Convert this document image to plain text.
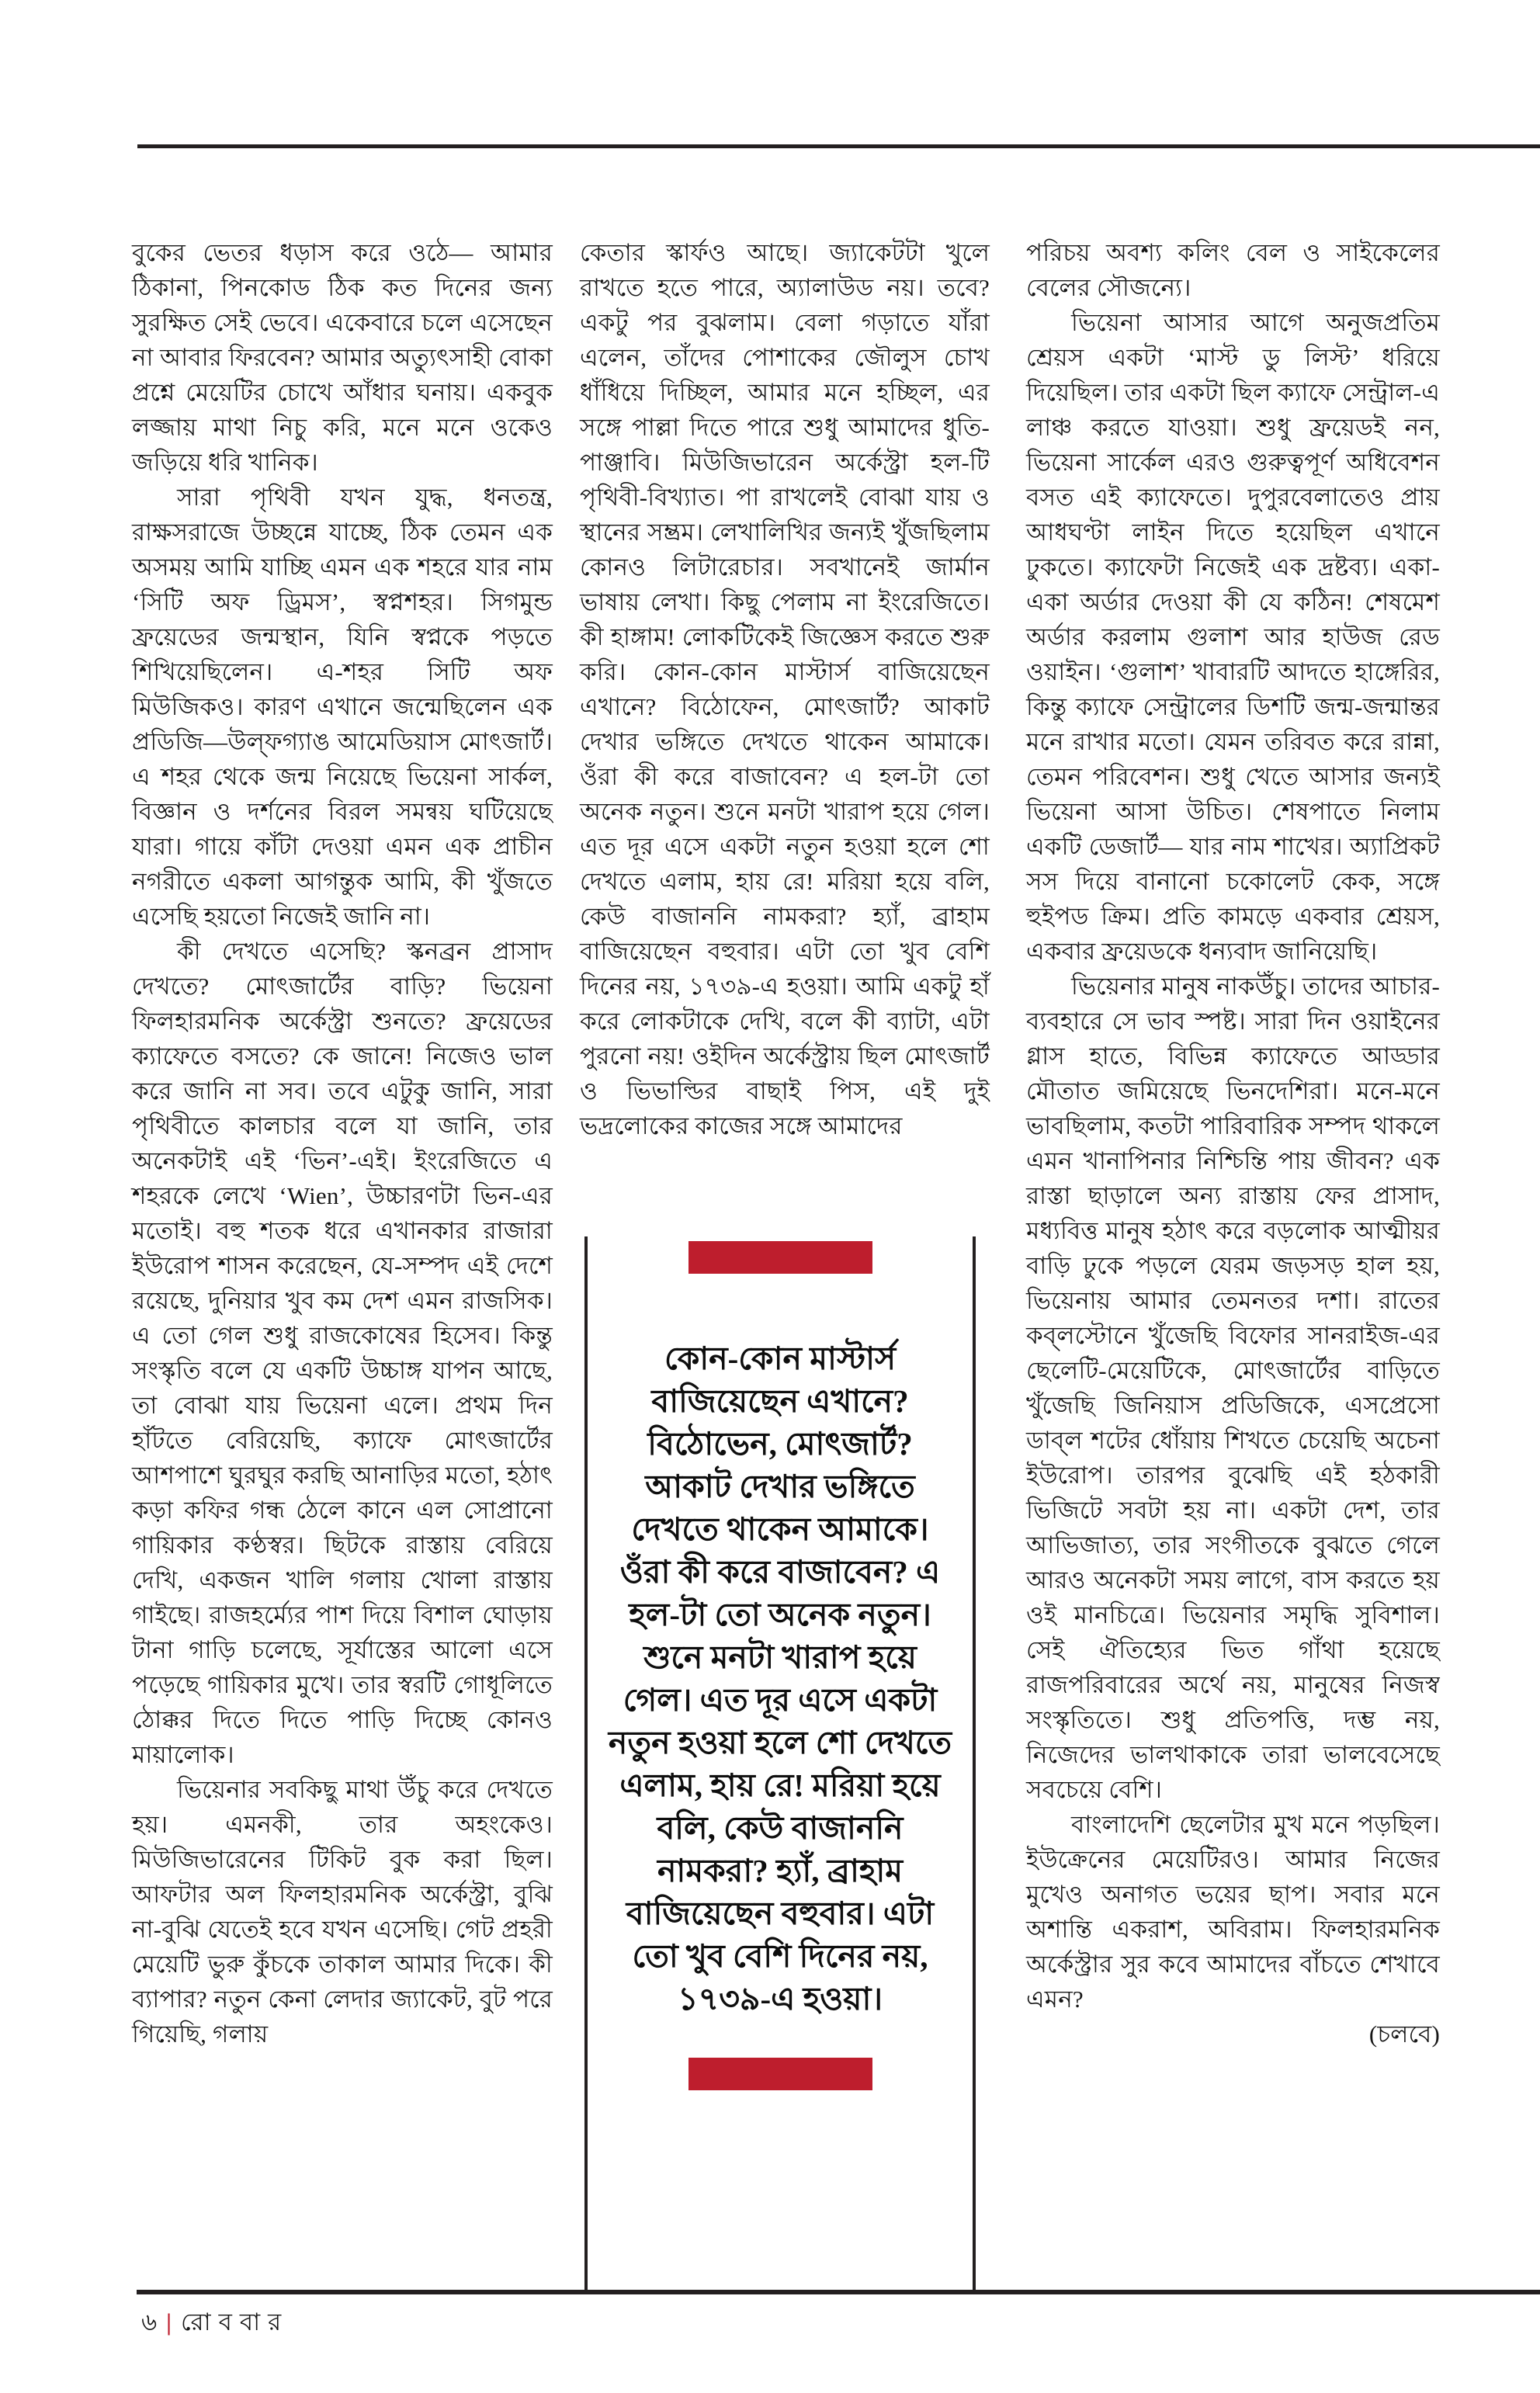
বুকের ভেতর ধড়াস করে ওঠে— আমার ঠিকানা, পিনকোড ঠিক কত দিনের জন্য সুরক্ষিত সেই ভেবে। একেবারে চলে এসেছেন না আবার ফিরবেন? আমার অত্যুৎসাহী বোকা প্রশ্নে মেয়েটির চোখে আঁধার ঘনায়। একবুক লজ্জায় মাথা নিচু করি, মনে মনে ওকেও জড়িয়ে ধরি খানিক।

সারা পৃথিবী যখন যুদ্ধ, ধনতন্ত্র, রাক্ষসরাজে উচ্ছন্নে যাচ্ছে, ঠিক তেমন এক অসময় আমি যাচ্ছি এমন এক শহরে যার নাম ‘সিটি অফ ড্রিমস’, স্বপ্নশহর। সিগমুন্ড ফ্রয়েডের জন্মস্থান, যিনি স্বপ্নকে পড়তে শিখিয়েছিলেন। এ-শহর সিটি অফ মিউজিকও। কারণ এখানে জন্মেছিলেন এক প্রডিজি—উল্‌ফগ্যাঙ আমেডিয়াস মোৎজার্ট। এ শহর থেকে জন্ম নিয়েছে ভিয়েনা সার্কল, বিজ্ঞান ও দর্শনের বিরল সমন্বয় ঘটিয়েছে যারা। গায়ে কাঁটা দেওয়া এমন এক প্রাচীন নগরীতে একলা আগন্তুক আমি, কী খুঁজতে এসেছি হয়তো নিজেই জানি না।

কী দেখতে এসেছি? স্কনব্রন প্রাসাদ দেখতে? মোৎজার্টের বাড়ি? ভিয়েনা ফিলহারমনিক অর্কেস্ট্রা শুনতে? ফ্রয়েডের ক্যাফেতে বসতে? কে জানে! নিজেও ভাল করে জানি না সব। তবে এটুকু জানি, সারা পৃথিবীতে কালচার বলে যা জানি, তার অনেকটাই এই ‘ভিন’-এই। ইংরেজিতে এ শহরকে লেখে ‘Wien’, উচ্চারণটা ভিন-এর মতোই। বহু শতক ধরে এখানকার রাজারা ইউরোপ শাসন করেছেন, যে-সম্পদ এই দেশে রয়েছে, দুনিয়ার খুব কম দেশ এমন রাজসিক। এ তো গেল শুধু রাজকোষের হিসেব। কিন্তু সংস্কৃতি বলে যে একটি উচ্চাঙ্গ যাপন আছে, তা বোঝা যায় ভিয়েনা এলে। প্রথম দিন হাঁটতে বেরিয়েছি, ক্যাফে মোৎজার্টের আশপাশে ঘুরঘুর করছি আনাড়ির মতো, হঠাৎ কড়া কফির গন্ধ ঠেলে কানে এল সোপ্রানো গায়িকার কণ্ঠস্বর। ছিটকে রাস্তায় বেরিয়ে দেখি, একজন খালি গলায় খোলা রাস্তায় গাইছে। রাজহর্ম্যের পাশ দিয়ে বিশাল ঘোড়ায় টানা গাড়ি চলেছে, সূর্যাস্তের আলো এসে পড়েছে গায়িকার মুখে। তার স্বরটি গোধূলিতে ঠোক্কর দিতে দিতে পাড়ি দিচ্ছে কোনও মায়ালোক।

ভিয়েনার সবকিছু মাথা উঁচু করে দেখতে হয়। এমনকী, তার অহংকেও। মিউজিভারেনের টিকিট বুক করা ছিল। আফটার অল ফিলহারমনিক অর্কেস্ট্রা, বুঝি না-বুঝি যেতেই হবে যখন এসেছি। গেট প্রহরী মেয়েটি ভুরু কুঁচকে তাকাল আমার দিকে। কী ব্যাপার? নতুন কেনা লেদার জ্যাকেট, বুট পরে গিয়েছি, গলায়

কেতার স্কার্ফও আছে। জ্যাকেটটা খুলে রাখতে হতে পারে, অ্যালাউড নয়। তবে? একটু পর বুঝলাম। বেলা গড়াতে যাঁরা এলেন, তাঁদের পোশাকের জৌলুস চোখ ধাঁধিয়ে দিচ্ছিল, আমার মনে হচ্ছিল, এর সঙ্গে পাল্লা দিতে পারে শুধু আমাদের ধুতি-পাঞ্জাবি। মিউজিভারেন অর্কেস্ট্রা হল-টি পৃথিবী-বিখ্যাত। পা রাখলেই বোঝা যায় ও স্থানের সম্ভ্রম। লেখালিখির জন্যই খুঁজছিলাম কোনও লিটারেচার। সবখানেই জার্মান ভাষায় লেখা। কিছু পেলাম না ইংরেজিতে। কী হাঙ্গাম! লোকটিকেই জিজ্ঞেস করতে শুরু করি। কোন-কোন মাস্টার্স বাজিয়েছেন এখানে? বিঠোফেন, মোৎজার্ট? আকাট দেখার ভঙ্গিতে দেখতে থাকেন আমাকে। ওঁরা কী করে বাজাবেন? এ হল-টা তো অনেক নতুন। শুনে মনটা খারাপ হয়ে গেল। এত দূর এসে একটা নতুন হওয়া হলে শো দেখতে এলাম, হায় রে! মরিয়া হয়ে বলি, কেউ বাজাননি নামকরা? হ্যাঁ, ব্রাহাম বাজিয়েছেন বহুবার। এটা তো খুব বেশি দিনের নয়, ১৭৩৯-এ হওয়া। আমি একটু হাঁ করে লোকটাকে দেখি, বলে কী ব্যাটা, এটা পুরনো নয়! ওইদিন অর্কেস্ট্রায় ছিল মোৎজার্ট ও ভিভাল্ডির বাছাই পিস, এই দুই ভদ্রলোকের কাজের সঙ্গে আমাদের

পরিচয় অবশ্য কলিং বেল ও সাইকেলের বেলের সৌজন্যে।

ভিয়েনা আসার আগে অনুজপ্রতিম শ্রেয়স একটা ‘মাস্ট ডু লিস্ট’ ধরিয়ে দিয়েছিল। তার একটা ছিল ক্যাফে সেন্ট্রাল-এ লাঞ্চ করতে যাওয়া। শুধু ফ্রয়েডই নন, ভিয়েনা সার্কেল এরও গুরুত্বপূর্ণ অধিবেশন বসত এই ক্যাফেতে। দুপুরবেলাতেও প্রায় আধঘণ্টা লাইন দিতে হয়েছিল এখানে ঢুকতে। ক্যাফেটা নিজেই এক দ্রষ্টব্য। একা-একা অর্ডার দেওয়া কী যে কঠিন! শেষমেশ অর্ডার করলাম গুলাশ আর হাউজ রেড ওয়াইন। ‘গুলাশ’ খাবারটি আদতে হাঙ্গেরির, কিন্তু ক্যাফে সেন্ট্রালের ডিশটি জন্ম-জন্মান্তর মনে রাখার মতো। যেমন তরিবত করে রান্না, তেমন পরিবেশন। শুধু খেতে আসার জন্যই ভিয়েনা আসা উচিত। শেষপাতে নিলাম একটি ডেজার্ট— যার নাম শাখের। অ্যাপ্রিকট সস দিয়ে বানানো চকোলেট কেক, সঙ্গে হুইপড ক্রিম। প্রতি কামড়ে একবার শ্রেয়স, একবার ফ্রয়েডকে ধন্যবাদ জানিয়েছি।

ভিয়েনার মানুষ নাকউঁচু। তাদের আচার-ব্যবহারে সে ভাব স্পষ্ট। সারা দিন ওয়াইনের গ্লাস হাতে, বিভিন্ন ক্যাফেতে আড্ডার মৌতাত জমিয়েছে ভিনদেশিরা। মনে-মনে ভাবছিলাম, কতটা পারিবারিক সম্পদ থাকলে এমন খানাপিনার নিশ্চিন্তি পায় জীবন? এক রাস্তা ছাড়ালে অন্য রাস্তায় ফের প্রাসাদ, মধ্যবিত্ত মানুষ হঠাৎ করে বড়লোক আত্মীয়র বাড়ি ঢুকে পড়লে যেরম জড়সড় হাল হয়, ভিয়েনায় আমার তেমনতর দশা। রাতের কব্‌লস্টোনে খুঁজেছি বিফোর সানরাইজ-এর ছেলেটি-মেয়েটিকে, মোৎজার্টের বাড়িতে খুঁজেছি জিনিয়াস প্রডিজিকে, এসপ্রেসো ডাব্‌ল শটের ধোঁয়ায় শিখতে চেয়েছি অচেনা ইউরোপ। তারপর বুঝেছি এই হঠকারী ভিজিটে সবটা হয় না। একটা দেশ, তার আভিজাত্য, তার সংগীতকে বুঝতে গেলে আরও অনেকটা সময় লাগে, বাস করতে হয় ওই মানচিত্রে। ভিয়েনার সমৃদ্ধি সুবিশাল। সেই ঐতিহ্যের ভিত গাঁথা হয়েছে রাজপরিবারের অর্থে নয়, মানুষের নিজস্ব সংস্কৃতিতে। শুধু প্রতিপত্তি, দম্ভ নয়, নিজেদের ভালথাকাকে তারা ভালবেসেছে সবচেয়ে বেশি।

বাংলাদেশি ছেলেটার মুখ মনে পড়ছিল। ইউক্রেনের মেয়েটিরও। আমার নিজের মুখেও অনাগত ভয়ের ছাপ। সবার মনে অশান্তি একরাশ, অবিরাম। ফিলহারমনিক অর্কেস্ট্রার সুর কবে আমাদের বাঁচতে শেখাবে এমন?

(চলবে)

কোন-কোন মাস্টার্স বাজিয়েছেন এখানে? বিঠোভেন, মোৎজার্ট? আকাট দেখার ভঙ্গিতে দেখতে থাকেন আমাকে। ওঁরা কী করে বাজাবেন? এ হল-টা তো অনেক নতুন। শুনে মনটা খারাপ হয়ে গেল। এত দূর এসে একটা নতুন হওয়া হলে শো দেখতে এলাম, হায় রে! মরিয়া হয়ে বলি, কেউ বাজাননি নামকরা? হ্যাঁ, ব্রাহাম বাজিয়েছেন বহুবার। এটা তো খুব বেশি দিনের নয়, ১৭৩৯-এ হওয়া।
৬ | রোববার
